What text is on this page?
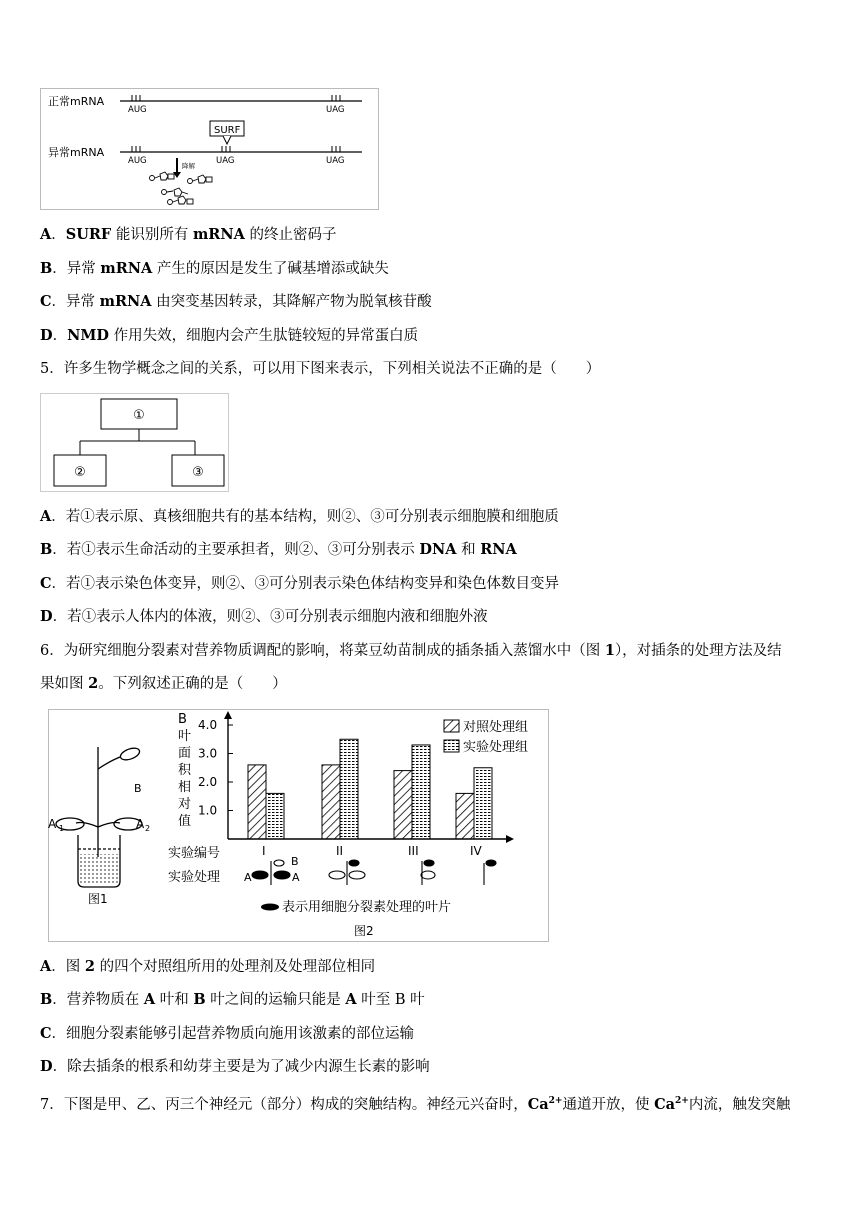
正常mRNA
AUG	UAG
SURF
异常mRNA
AUG	UAG	UAG
降解
A．SURF 能识别所有 mRNA 的终止密码子
B．异常 mRNA 产生的原因是发生了碱基增添或缺失
C．异常 mRNA 由突变基因转录，其降解产物为脱氧核苷酸
D．NMD 作用失效，细胞内会产生肽链较短的异常蛋白质
5．许多生物学概念之间的关系，可以用下图来表示，下列相关说法不正确的是（　　）
①
②	③
A．若①表示原、真核细胞共有的基本结构，则②、③可分别表示细胞膜和细胞质
B．若①表示生命活动的主要承担者，则②、③可分别表示 DNA 和 RNA
C．若①表示染色体变异，则②、③可分别表示染色体结构变异和染色体数目变异
D．若①表示人体内的体液，则②、③可分别表示细胞内液和细胞外液
6．为研究细胞分裂素对营养物质调配的影响，将菜豆幼苗制成的插条插入蒸馏水中（图 1），对插条的处理方法及结
果如图 2。下列叙述正确的是（　　）
B
A 1	A 2
图1
B
叶
面
积
相
对
值
1.0
2.0
3.0
4.0
I	II	III	IV
对照处理组
实验处理组
实验编号
实验处理 A	A
B
表示用细胞分裂素处理的叶片
图2
A．图 2 的四个对照组所用的处理剂及处理部位相同
B．营养物质在 A 叶和 B 叶之间的运输只能是 A 叶至 B 叶
C．细胞分裂素能够引起营养物质向施用该激素的部位运输
D．除去插条的根系和幼芽主要是为了减少内源生长素的影响
7．下图是甲、乙、丙三个神经元（部分）构成的突触结构。神经元兴奋时，$Ca^{2+}$通道开放，使 $Ca^{2+}$内流，触发突触
